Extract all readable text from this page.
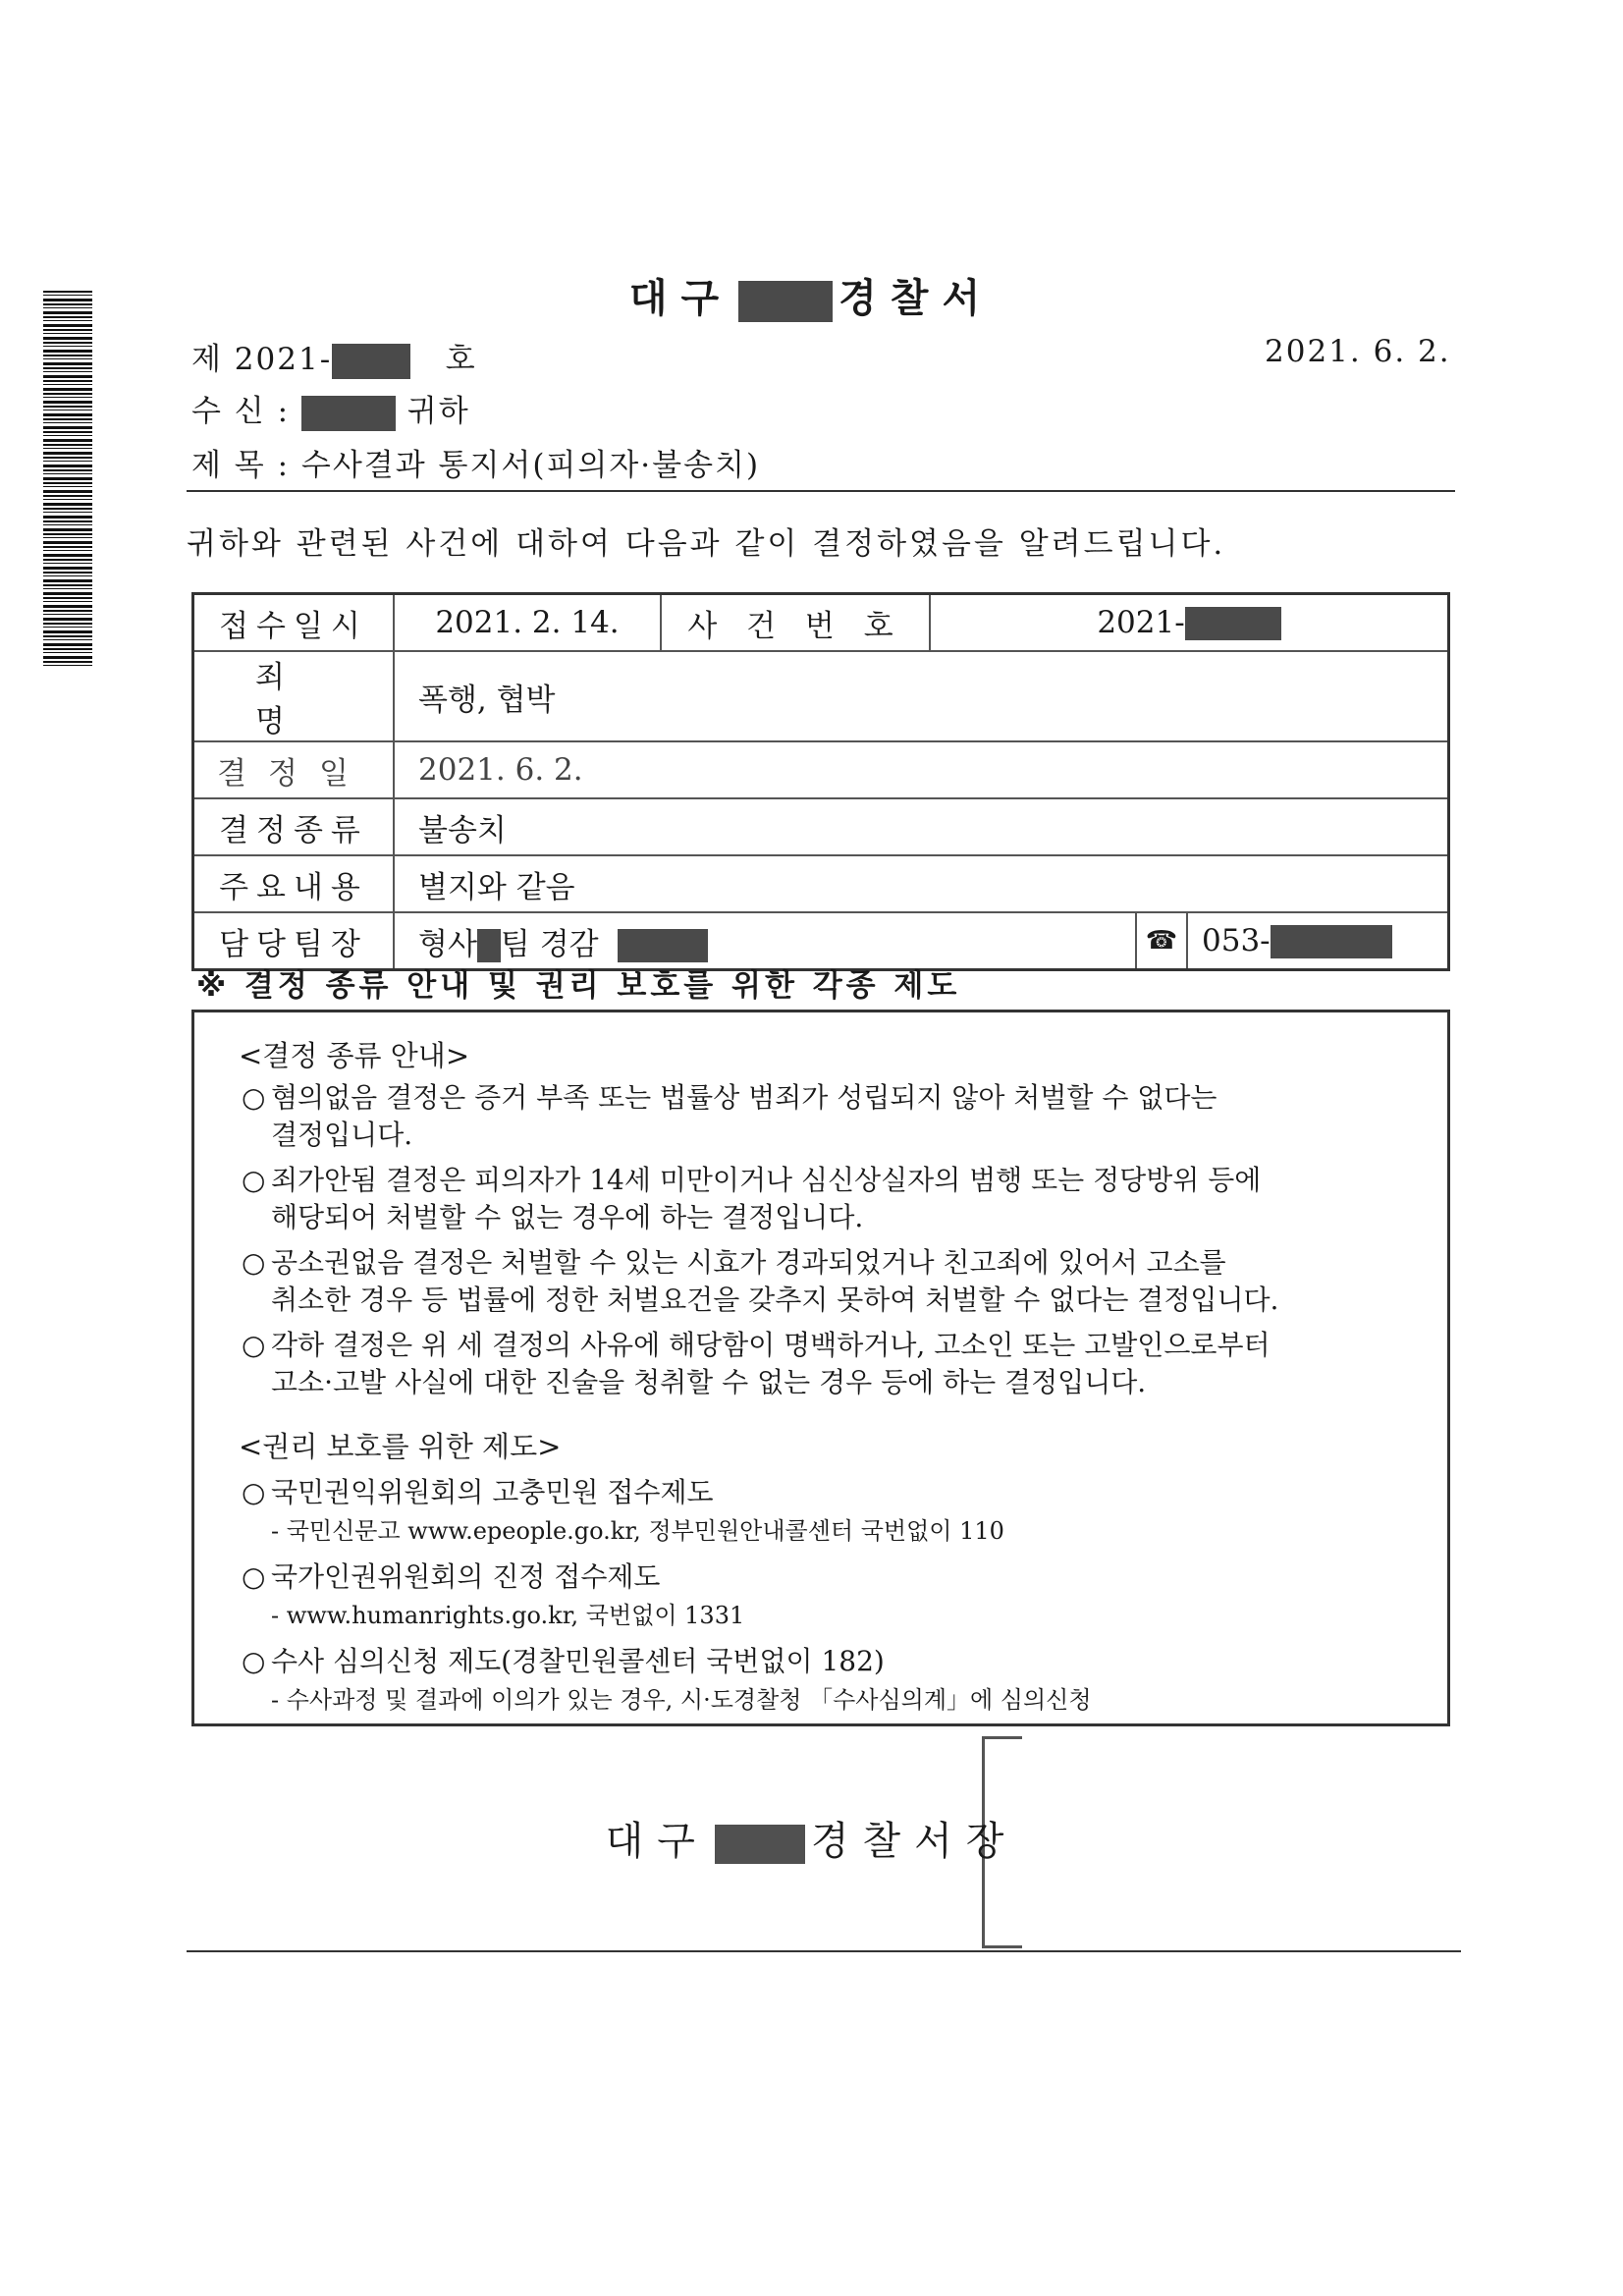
대구	경찰서
제 2021-	호	2021. 6. 2.
수 신 :	귀하
제 목 : 수사결과 통지서(피의자·불송치)
귀하와 관련된 사건에 대하여 다음과 같이 결정하였음을 알려드립니다.
접수일시	2021. 2. 14.	사 건 번 호	2021-
죄 명	폭행, 협박		
결정일	2021. 6. 2.		
결정종류	불송치		
주요내용	별지와 같음		
담당팀장	형사 팀 경감 ☎ 053-		
※ 결정 종류 안내 및 권리 보호를 위한 각종 제도
<결정 종류 안내>
○ 혐의없음 결정은 증거 부족 또는 법률상 범죄가 성립되지 않아 처벌할 수 없다는
결정입니다.
○ 죄가안됨 결정은 피의자가 14세 미만이거나 심신상실자의 범행 또는 정당방위 등에
해당되어 처벌할 수 없는 경우에 하는 결정입니다.
○ 공소권없음 결정은 처벌할 수 있는 시효가 경과되었거나 친고죄에 있어서 고소를
취소한 경우 등 법률에 정한 처벌요건을 갖추지 못하여 처벌할 수 없다는 결정입니다.
○ 각하 결정은 위 세 결정의 사유에 해당함이 명백하거나, 고소인 또는 고발인으로부터
고소·고발 사실에 대한 진술을 청취할 수 없는 경우 등에 하는 결정입니다.
<권리 보호를 위한 제도>
○ 국민권익위원회의 고충민원 접수제도
- 국민신문고 www.epeople.go.kr, 정부민원안내콜센터 국번없이 110
○ 국가인권위원회의 진정 접수제도
- www.humanrights.go.kr, 국번없이 1331
○ 수사 심의신청 제도(경찰민원콜센터 국번없이 182)
- 수사과정 및 결과에 이의가 있는 경우, 시·도경찰청 「수사심의계」에 심의신청
대구	경찰서장
